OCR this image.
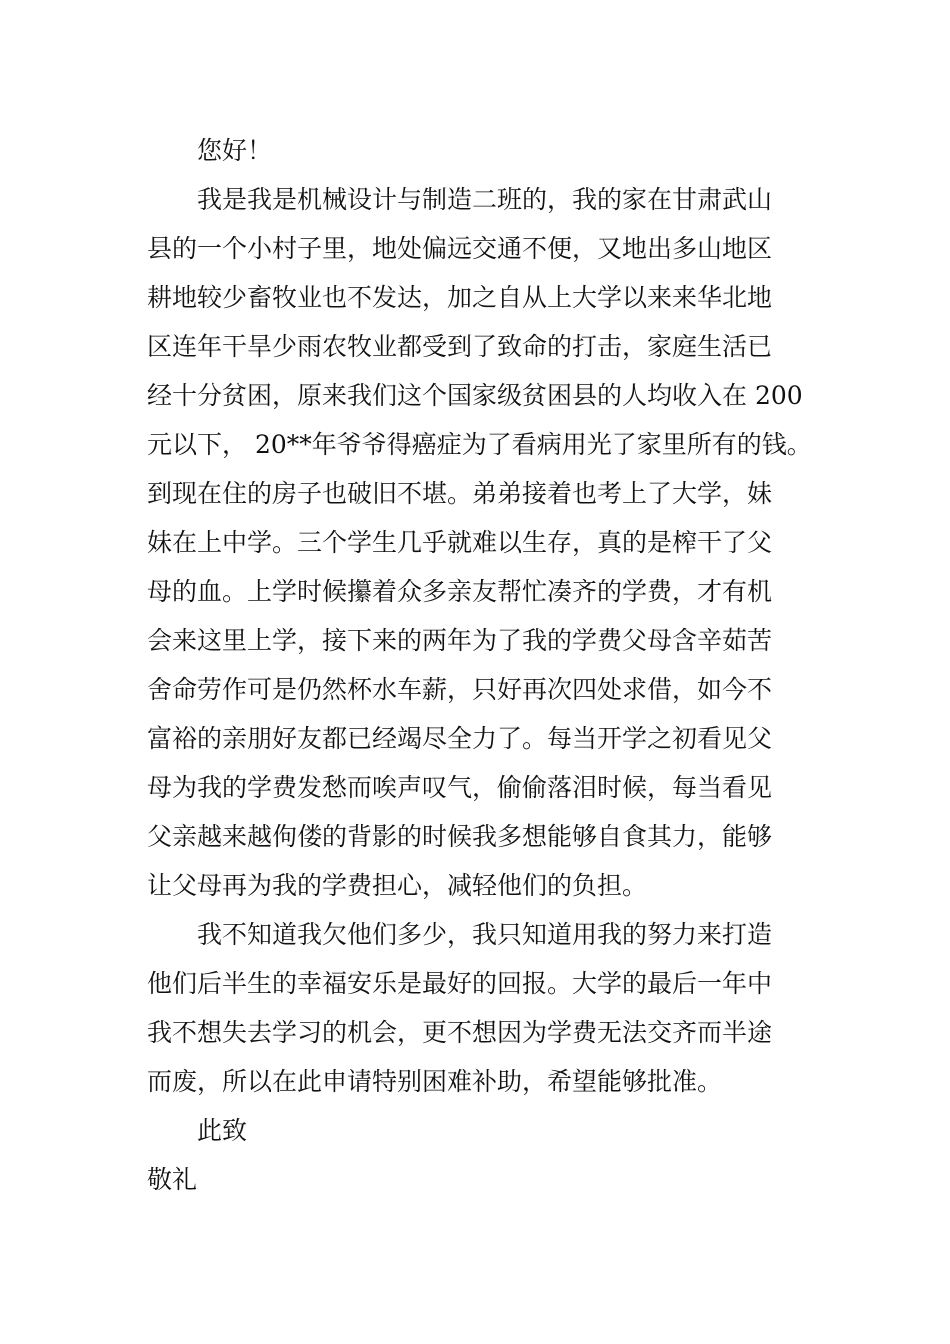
您好！
我是我是机械设计与制造二班的，我的家在甘肃武山
县的一个小村子里，地处偏远交通不便，又地出多山地区
耕地较少畜牧业也不发达，加之自从上大学以来来华北地
区连年干旱少雨农牧业都受到了致命的打击，家庭生活已
经十分贫困，原来我们这个国家级贫困县的人均收入在 200
元以下， 20**年爷爷得癌症为了看病用光了家里所有的钱。
到现在住的房子也破旧不堪。弟弟接着也考上了大学，妹
妹在上中学。三个学生几乎就难以生存，真的是榨干了父
母的血。上学时候攥着众多亲友帮忙凑齐的学费，才有机
会来这里上学，接下来的两年为了我的学费父母含辛茹苦
舍命劳作可是仍然杯水车薪，只好再次四处求借，如今不
富裕的亲朋好友都已经竭尽全力了。每当开学之初看见父
母为我的学费发愁而唉声叹气，偷偷落泪时候，每当看见
父亲越来越佝偻的背影的时候我多想能够自食其力，能够
让父母再为我的学费担心，减轻他们的负担。
我不知道我欠他们多少，我只知道用我的努力来打造
他们后半生的幸福安乐是最好的回报。大学的最后一年中
我不想失去学习的机会，更不想因为学费无法交齐而半途
而废，所以在此申请特别困难补助，希望能够批准。
此致
敬礼
